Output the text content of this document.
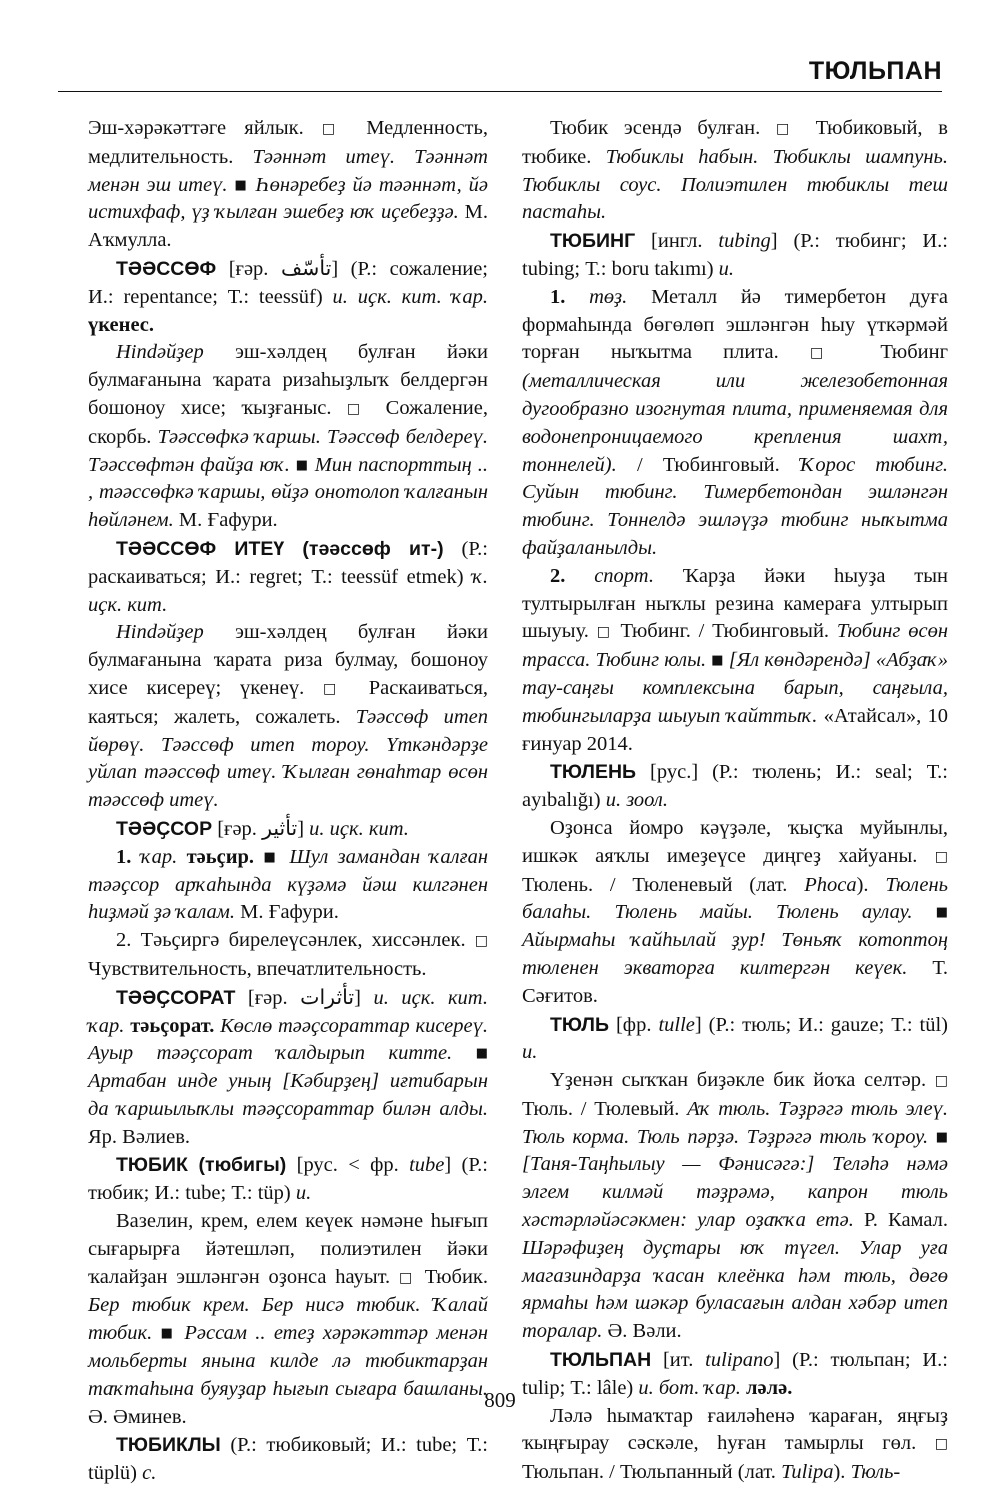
ТЮЛЬПАН

Эш-хәрәкәттәге яйлык. □ Медленность, медлительность. Тәәннәт итеү. Тәәннәт менән эш итеү. ■ Һөнәребеҙ йә тәәннәт, йә истихфаф, үҙ ҡылған эшебеҙ юҡ иҫебеҙҙә. М. Аҡмулла.

ТӘӘССӨФ [ғәр. تأسّف] (Р.: сожаление; И.: repentance; Т.: teessüf) и. иҫк. кит. ҡар. үкенес.

Нindәйҙер эш-хәлдең булған йәки булмағанына ҡарата ризаһыҙлыҡ белдергән бошоноу хисе; ҡыҙғаныс. □ Сожаление, скорбь. Тәәссөфкә ҡаршы. Тәәссөф белдереү. Тәәссөфтән файҙа юҡ. ■ Мин паспорттың .. , тәәссөфкә ҡаршы, өйҙә онотолоп ҡалғанын һөйләнем. М. Ғафури.

ТӘӘССӨФ ИТЕҮ (тәәссөф ит-) (Р.: раскаиваться; И.: regret; Т.: teessüf etmek) ҡ. иҫк. кит.

Нindәйҙер эш-хәлдең булған йәки булмағанына ҡарата риза булмау, бошоноу хисе кисереү; үкенеү. □ Раскаиваться, каяться; жалеть, сожалеть. Тәәссөф итеп йөрөү. Тәәссөф итеп тороу. Үткәндәрҙе уйлап тәәссөф итеү. Ҡылған гөнаһтар өсөн тәәссөф итеү.

ТӘӘҪСОР [ғәр. تأثير] и. иҫк. кит.

1. ҡар. тәьҫир. ■ Шул замандан ҡалған тәәҫсор арҡаһында күҙәмә йәш килгәнен һиҙмәй ҙә ҡалам. М. Ғафури.

2. Тәьҫиргә бирелеүсәнлек, хиссәнлек. □ Чувствительность, впечатлительность.

ТӘӘҪСОРАТ [ғәр. تأثرات] и. иҫк. кит. ҡар. тәьҫорат. Көслө тәәҫсораттар кисереү. Ауыр тәәҫсорат ҡалдырып китте. ■ Артабан инде уның [Кәбирҙең] иғтибарын да ҡаршылыҡлы тәәҫсораттар билән алды. Яр. Вәлиев.

ТЮБИК (тюбигы) [рус. < фр. tube] (Р.: тюбик; И.: tube; Т.: tüp) и.

Вазелин, крем, елем кеүек нәмәне һығып сығарырға йәтешләп, полиэтилен йәки ҡалайҙан эшләнгән оҙонса һауыт. □ Тюбик. Бер тюбик крем. Бер нисә тюбик. Ҡалай тюбик. ■ Рәссам .. етеҙ хәрәкәттәр менән мольберты янына килде лә тюбиктарҙан таҡтаһына буяуҙар һығып сығара башланы. Ә. Әминев.

ТЮБИКЛЫ (Р.: тюбиковый; И.: tube; Т.: tüplü) с.

Тюбик эсендә булған. □ Тюбиковый, в тюбике. Тюбиклы һабын. Тюбиклы шампунь. Тюбиклы соус. Полиэтилен тюбиклы теш пастаһы.

ТЮБИНГ [ингл. tubing] (Р.: тюбинг; И.: tubing; Т.: boru takımı) и.

1. төҙ. Металл йә тимербетон дуға формаһында бөгөлөп эшләнгән һыу үткәрмәй торған ныҡытма плита. □ Тюбинг (металлическая или железобетонная дугообразно изогнутая плита, применяемая для водонепроницаемого крепления шахт, тоннелей). / Тюбинговый. Ҡорос тюбинг. Суйын тюбинг. Тимербетондан эшләнгән тюбинг. Тоннелдә эшләүҙә тюбинг ныҡытма файҙаланылды.

2. спорт. Ҡарҙа йәки һыуҙа тын тултырылған ныҡлы резина камераға ултырып шыуыу. □ Тюбинг. / Тюбинговый. Тюбинг өсөн трасса. Тюбинг юлы. ■ [Ял көндәрендә] «Абҙаҡ» тау-саңғы комплексына барып, саңғыла, тюбингыларҙа шыуып ҡайттыҡ. «Атайсал», 10 ғинуар 2014.

ТЮЛЕНЬ [рус.] (Р.: тюлень; И.: seal; Т.: ayıbalığı) и. зоол.

Оҙонса йомро кәүҙәле, ҡыҫҡа муйынлы, ишкәк аяҡлы имеҙеүсе диңгеҙ хайуаны. □ Тюлень. / Тюленевый (лат. Phoca). Тюлень балаһы. Тюлень майы. Тюлень аулау. ■ Айырмаһы ҡайһылай ҙур! Төньяҡ котоптоң тюленен экваторға килтергән кеүек. Т. Сәғитов.

ТЮЛЬ [фр. tulle] (Р.: тюль; И.: gauze; Т.: tül) и.

Үҙенән сыҡҡан биҙәкле бик йоҡа селтәр. □ Тюль. / Тюлевый. Аҡ тюль. Тәҙрәгә тюль элеү. Тюль корма. Тюль пәрҙә. Тәҙрәгә тюль ҡороу. ■ [Таня-Таңһылыу — Фәнисәгә:] Теләһә нәмә элгем килмәй тәҙрәмә, капрон тюль хәстәрләйәсәкмен: улар оҙаҡҡа етә. Р. Камал. Шәрәфиҙең дуҫтары юҡ түгел. Улар уға магазиндарҙа ҡасан клеёнка һәм тюль, дөгө ярмаһы һәм шәкәр буласағын алдан хәбәр итеп торалар. Ә. Вәли.

ТЮЛЬПАН [ит. tulipano] (Р.: тюльпан; И.: tulip; Т.: lâle) и. бот. ҡар. ләлә.

Ләлә һымаҡтар ғаиләһенә ҡараған, яңғыҙ ҡыңғырау сәскәле, һуған тамырлы гөл. □ Тюльпан. / Тюльпанный (лат. Tulipa). Тюль-

809
